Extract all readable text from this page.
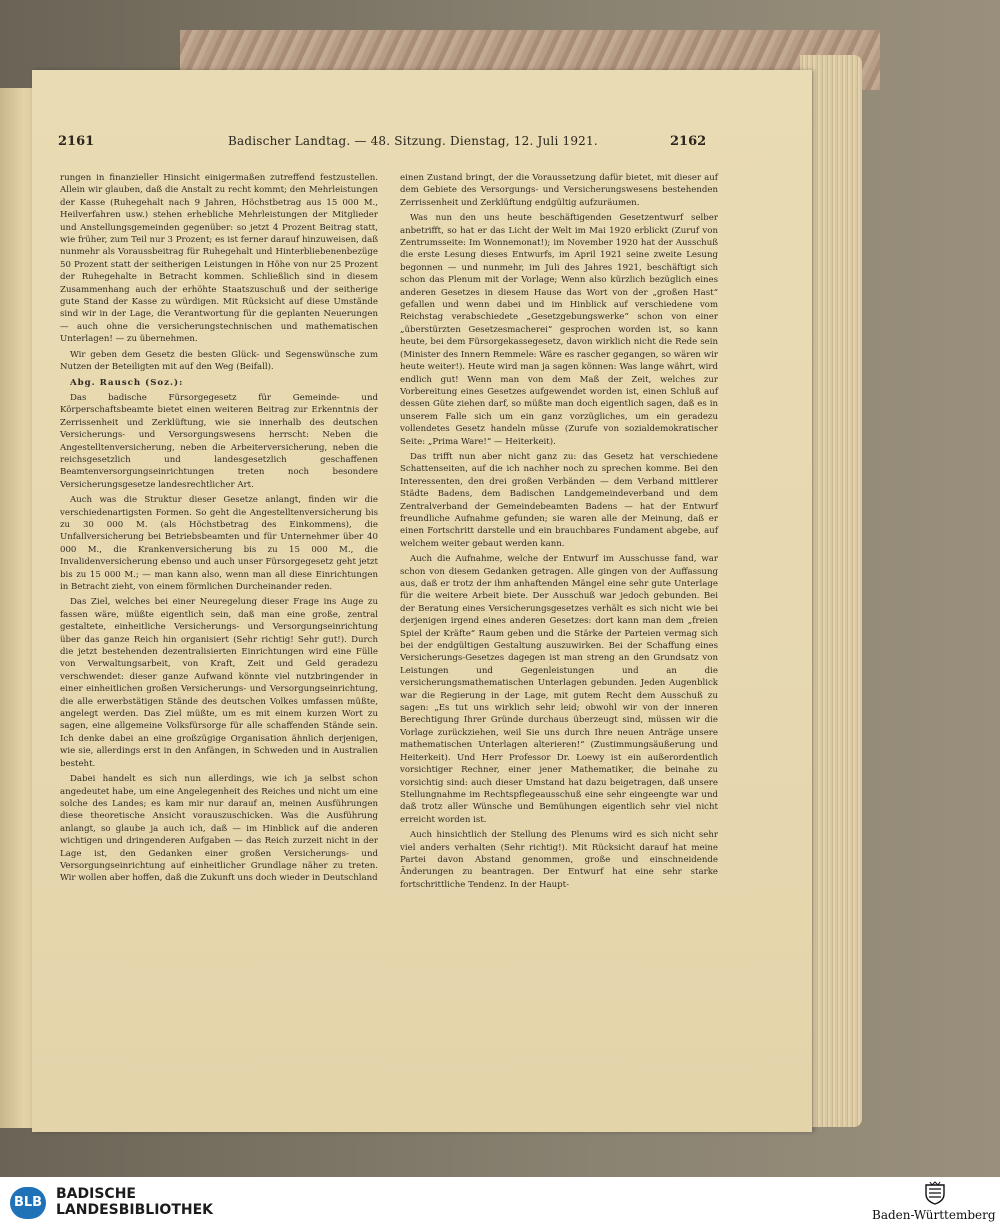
2161	Badischer Landtag. — 48. Sitzung. Dienstag, 12. Juli 1921.	2162

rungen in finanzieller Hinsicht einigermaßen zutreffend festzustellen. Allein wir glauben, daß die Anstalt zu recht kommt; den Mehrleistungen der Kasse (Ruhegehalt nach 9 Jahren, Höchstbetrag aus 15 000 M., Heilverfahren usw.) stehen erhebliche Mehrleistungen der Mitglieder und Anstellungsgemeinden gegenüber: so jetzt 4 Prozent Beitrag statt, wie früher, zum Teil nur 3 Prozent; es ist ferner darauf hinzuweisen, daß nunmehr als Voraussbeitrag für Ruhegehalt und Hinterbliebenenbezüge 50 Prozent statt der seitherigen Leistungen in Höhe von nur 25 Prozent der Ruhegehalte in Betracht kommen. Schließlich sind in diesem Zusammenhang auch der erhöhte Staatszuschuß und der seitherige gute Stand der Kasse zu würdigen. Mit Rücksicht auf diese Umstände sind wir in der Lage, die Verantwortung für die geplanten Neuerungen — auch ohne die versicherungstechnischen und mathematischen Unterlagen! — zu übernehmen.

Wir geben dem Gesetz die besten Glück- und Segenswünsche zum Nutzen der Beteiligten mit auf den Weg (Beifall).

Abg. Rausch (Soz.):

Das badische Fürsorgegesetz für Gemeinde- und Körperschaftsbeamte bietet einen weiteren Beitrag zur Erkenntnis der Zerrissenheit und Zerklüftung, wie sie innerhalb des deutschen Versicherungs- und Versorgungswesens herrscht: Neben die Angestelltenversicherung, neben die Arbeiterversicherung, neben die reichsgesetzlich und landesgesetzlich geschaffenen Beamtenversorgungseinrichtungen treten noch besondere Versicherungsgesetze landesrechtlicher Art.

Auch was die Struktur dieser Gesetze anlangt, finden wir die verschiedenartigsten Formen. So geht die Angestelltenversicherung bis zu 30 000 M. (als Höchstbetrag des Einkommens), die Unfallversicherung bei Betriebsbeamten und für Unternehmer über 40 000 M., die Krankenversicherung bis zu 15 000 M., die Invalidenversicherung ebenso und auch unser Fürsorgegesetz geht jetzt bis zu 15 000 M.; — man kann also, wenn man all diese Einrichtungen in Betracht zieht, von einem förmlichen Durcheinander reden.

Das Ziel, welches bei einer Neuregelung dieser Frage ins Auge zu fassen wäre, müßte eigentlich sein, daß man eine große, zentral gestaltete, einheitliche Versicherungs- und Versorgungseinrichtung über das ganze Reich hin organisiert (Sehr richtig! Sehr gut!). Durch die jetzt bestehenden dezentralisierten Einrichtungen wird eine Fülle von Verwaltungsarbeit, von Kraft, Zeit und Geld geradezu verschwendet: dieser ganze Aufwand könnte viel nutzbringender in einer einheitlichen großen Versicherungs- und Versorgungseinrichtung, die alle erwerbstätigen Stände des deutschen Volkes umfassen müßte, angelegt werden. Das Ziel müßte, um es mit einem kurzen Wort zu sagen, eine allgemeine Volksfürsorge für alle schaffenden Stände sein. Ich denke dabei an eine großzügige Organisation ähnlich derjenigen, wie sie, allerdings erst in den Anfängen, in Schweden und in Australien besteht.

Dabei handelt es sich nun allerdings, wie ich ja selbst schon angedeutet habe, um eine Angelegenheit des Reiches und nicht um eine solche des Landes; es kam mir nur darauf an, meinen Ausführungen diese theoretische Ansicht vorauszuschicken. Was die Ausführung anlangt, so glaube ja auch ich, daß — im Hinblick auf die anderen wichtigen und dringenderen Aufgaben — das Reich zurzeit nicht in der Lage ist, den Gedanken einer großen Versicherungs- und Versorgungseinrichtung auf einheitlicher Grundlage näher zu treten. Wir wollen aber hoffen, daß die Zukunft uns doch wieder in Deutschland

einen Zustand bringt, der die Voraussetzung dafür bietet, mit dieser auf dem Gebiete des Versorgungs- und Versicherungswesens bestehenden Zerrissenheit und Zerklüftung endgültig aufzuräumen.

Was nun den uns heute beschäftigenden Gesetzentwurf selber anbetrifft, so hat er das Licht der Welt im Mai 1920 erblickt (Zuruf von Zentrumsseite: Im Wonnemonat!); im November 1920 hat der Ausschuß die erste Lesung dieses Entwurfs, im April 1921 seine zweite Lesung begonnen — und nunmehr, im Juli des Jahres 1921, beschäftigt sich schon das Plenum mit der Vorlage; Wenn also kürzlich bezüglich eines anderen Gesetzes in diesem Hause das Wort von der „großen Hast“ gefallen und wenn dabei und im Hinblick auf verschiedene vom Reichstag verabschiedete „Gesetzgebungswerke“ schon von einer „überstürzten Gesetzesmacherei“ gesprochen worden ist, so kann heute, bei dem Fürsorgekassegesetz, davon wirklich nicht die Rede sein (Minister des Innern Remmele: Wäre es rascher gegangen, so wären wir heute weiter!). Heute wird man ja sagen können: Was lange währt, wird endlich gut! Wenn man von dem Maß der Zeit, welches zur Vorbereitung eines Gesetzes aufgewendet worden ist, einen Schluß auf dessen Güte ziehen darf, so müßte man doch eigentlich sagen, daß es in unserem Falle sich um ein ganz vorzügliches, um ein geradezu vollendetes Gesetz handeln müsse (Zurufe von sozialdemokratischer Seite: „Prima Ware!“ — Heiterkeit).

Das trifft nun aber nicht ganz zu: das Gesetz hat verschiedene Schattenseiten, auf die ich nachher noch zu sprechen komme. Bei den Interessenten, den drei großen Verbänden — dem Verband mittlerer Städte Badens, dem Badischen Landgemeindeverband und dem Zentralverband der Gemeindebeamten Badens — hat der Entwurf freundliche Aufnahme gefunden; sie waren alle der Meinung, daß er einen Fortschritt darstelle und ein brauchbares Fundament abgebe, auf welchem weiter gebaut werden kann.

Auch die Aufnahme, welche der Entwurf im Ausschusse fand, war schon von diesem Gedanken getragen. Alle gingen von der Auffassung aus, daß er trotz der ihm anhaftenden Mängel eine sehr gute Unterlage für die weitere Arbeit biete. Der Ausschuß war jedoch gebunden. Bei der Beratung eines Versicherungsgesetzes verhält es sich nicht wie bei derjenigen irgend eines anderen Gesetzes: dort kann man dem „freien Spiel der Kräfte“ Raum geben und die Stärke der Parteien vermag sich bei der endgültigen Gestaltung auszuwirken. Bei der Schaffung eines Versicherungs-Gesetzes dagegen ist man streng an den Grundsatz von Leistungen und Gegenleistungen und an die versicherungsmathematischen Unterlagen gebunden. Jeden Augenblick war die Regierung in der Lage, mit gutem Recht dem Ausschuß zu sagen: „Es tut uns wirklich sehr leid; obwohl wir von der inneren Berechtigung Ihrer Gründe durchaus überzeugt sind, müssen wir die Vorlage zurückziehen, weil Sie uns durch Ihre neuen Anträge unsere mathematischen Unterlagen alterieren!“ (Zustimmungsäußerung und Heiterkeit). Und Herr Professor Dr. Loewy ist ein außerordentlich vorsichtiger Rechner, einer jener Mathematiker, die beinahe zu vorsichtig sind: auch dieser Umstand hat dazu beigetragen, daß unsere Stellungnahme im Rechtspflegeausschuß eine sehr eingeengte war und daß trotz aller Wünsche und Bemühungen eigentlich sehr viel nicht erreicht worden ist.

Auch hinsichtlich der Stellung des Plenums wird es sich nicht sehr viel anders verhalten (Sehr richtig!). Mit Rücksicht darauf hat meine Partei davon Abstand genommen, große und einschneidende Änderungen zu beantragen. Der Entwurf hat eine sehr starke fortschrittliche Tendenz. In der Haupt-

BLB
BADISCHE
LANDESBIBLIOTHEK	Baden-Württemberg
